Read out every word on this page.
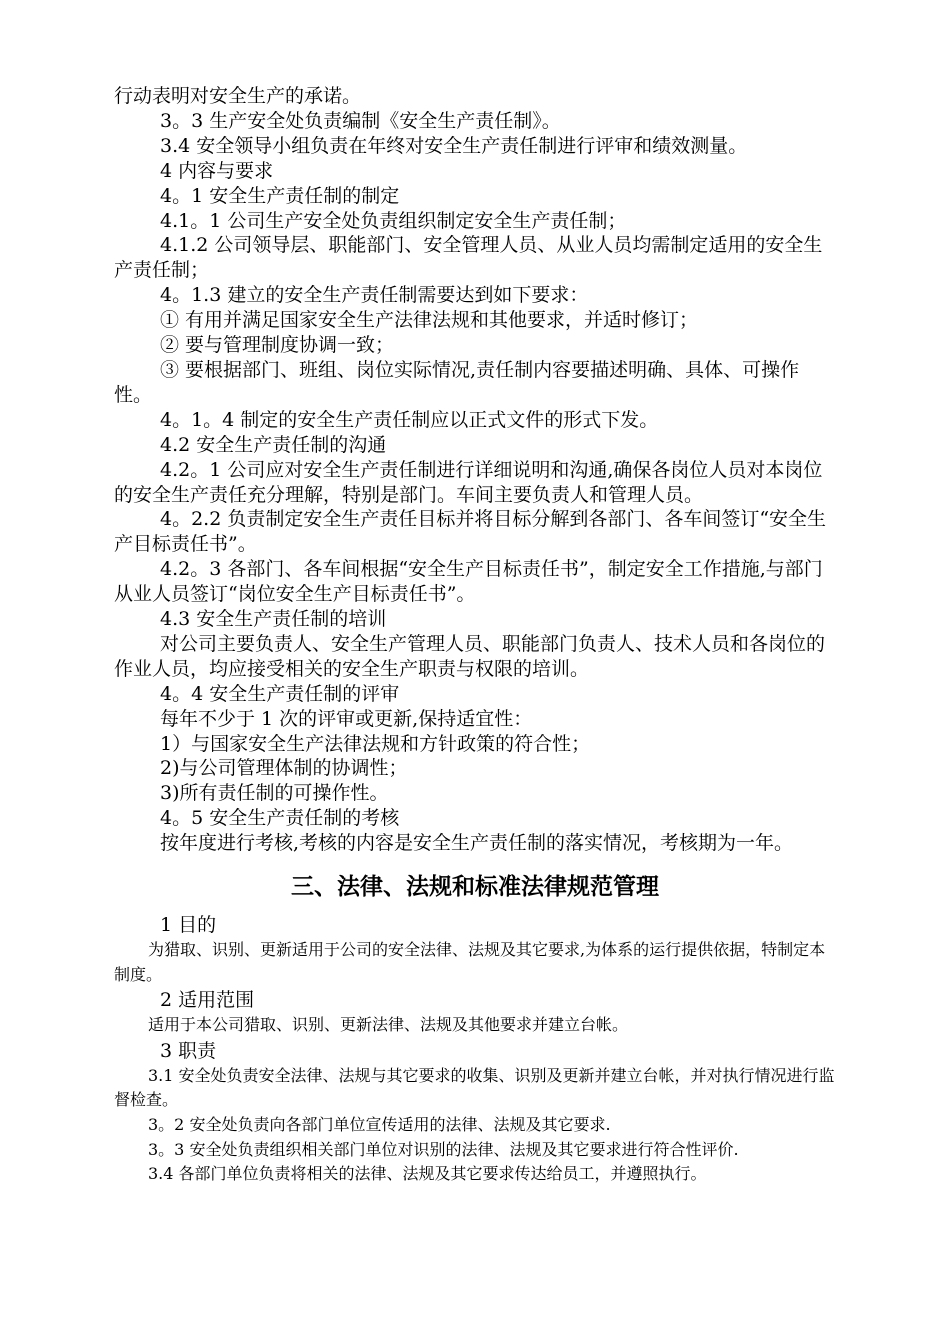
行动表明对安全生产的承诺。

3。3 生产安全处负责编制《安全生产责任制》。

3.4 安全领导小组负责在年终对安全生产责任制进行评审和绩效测量。

4 内容与要求

4。1 安全生产责任制的制定

4.1。1 公司生产安全处负责组织制定安全生产责任制；

4.1.2 公司领导层、职能部门、安全管理人员、从业人员均需制定适用的安全生产责任制；

4。1.3 建立的安全生产责任制需要达到如下要求：

① 有用并满足国家安全生产法律法规和其他要求，并适时修订；

② 要与管理制度协调一致；

③ 要根据部门、班组、岗位实际情况,责任制内容要描述明确、具体、可操作性。

4。1。4 制定的安全生产责任制应以正式文件的形式下发。

4.2 安全生产责任制的沟通

4.2。1 公司应对安全生产责任制进行详细说明和沟通,确保各岗位人员对本岗位的安全生产责任充分理解，特别是部门。车间主要负责人和管理人员。

4。2.2 负责制定安全生产责任目标并将目标分解到各部门、各车间签订“安全生产目标责任书”。

4.2。3 各部门、各车间根据“安全生产目标责任书”，制定安全工作措施,与部门从业人员签订“岗位安全生产目标责任书”。

4.3 安全生产责任制的培训

对公司主要负责人、安全生产管理人员、职能部门负责人、技术人员和各岗位的作业人员，均应接受相关的安全生产职责与权限的培训。

4。4 安全生产责任制的评审

每年不少于 1 次的评审或更新,保持适宜性：

1）与国家安全生产法律法规和方针政策的符合性；

2)与公司管理体制的协调性；

3)所有责任制的可操作性。

4。5 安全生产责任制的考核

按年度进行考核,考核的内容是安全生产责任制的落实情况，考核期为一年。

三、法律、法规和标准法律规范管理

1 目的

为猎取、识别、更新适用于公司的安全法律、法规及其它要求,为体系的运行提供依据，特制定本制度。

2 适用范围

适用于本公司猎取、识别、更新法律、法规及其他要求并建立台帐。

3 职责

3.1 安全处负责安全法律、法规与其它要求的收集、识别及更新并建立台帐，并对执行情况进行监督检查。

3。2 安全处负责向各部门单位宣传适用的法律、法规及其它要求.

3。3 安全处负责组织相关部门单位对识别的法律、法规及其它要求进行符合性评价.

3.4 各部门单位负责将相关的法律、法规及其它要求传达给员工，并遵照执行。
